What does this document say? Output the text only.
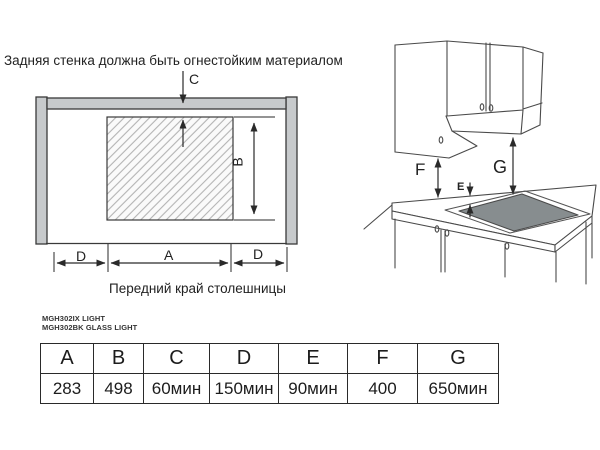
Задняя стенка должна быть огнестойким материалом
C
B
D	A	D
Передний край столешницы
E
F	G
MGH302IX LIGHT
MGH302BK GLASS LIGHT
A	B	C	D	E	F	G
283	498	60мин	150мин	90мин	400	650мин
